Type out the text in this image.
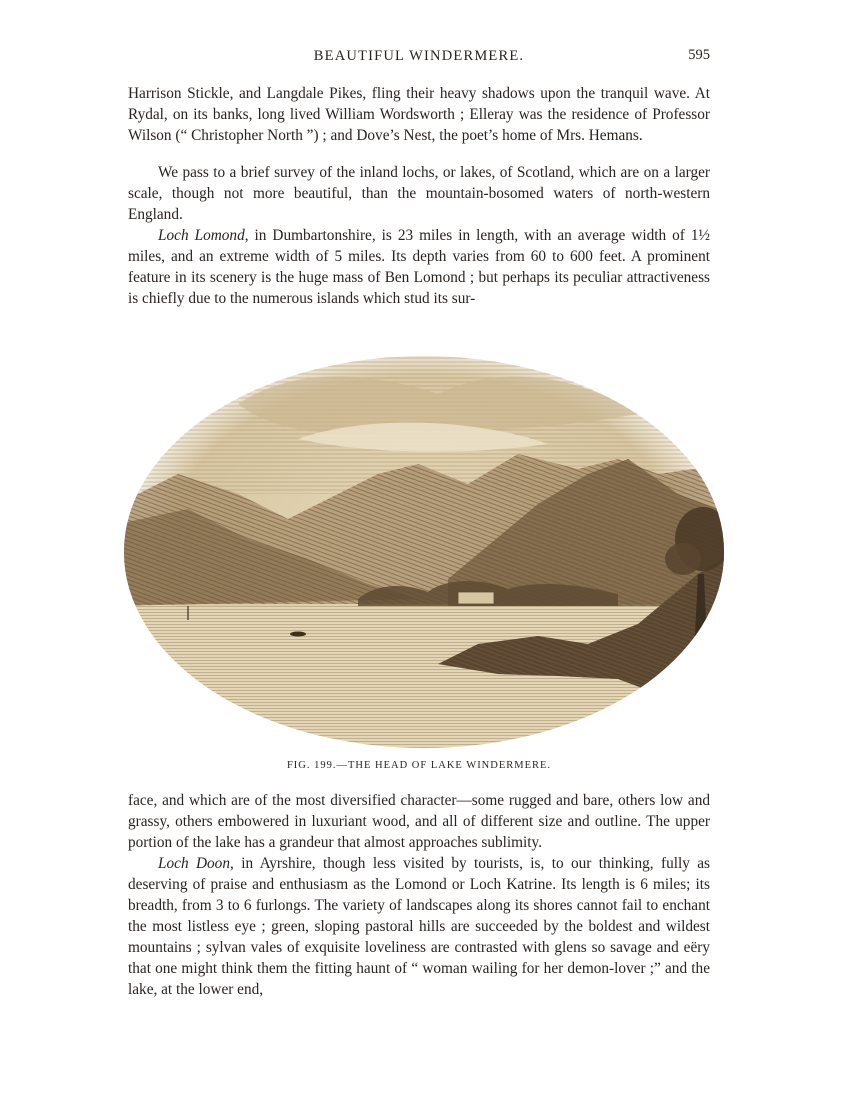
BEAUTIFUL WINDERMERE.	595

Harrison Stickle, and Langdale Pikes, fling their heavy shadows upon the tranquil wave. At Rydal, on its banks, long lived William Wordsworth ; Elleray was the residence of Professor Wilson (“ Christopher North ”) ; and Dove’s Nest, the poet’s home of Mrs. Hemans.

We pass to a brief survey of the inland lochs, or lakes, of Scotland, which are on a larger scale, though not more beautiful, than the mountain-bosomed waters of north-western England.

Loch Lomond, in Dumbartonshire, is 23 miles in length, with an average width of 1½ miles, and an extreme width of 5 miles. Its depth varies from 60 to 600 feet. A prominent feature in its scenery is the huge mass of Ben Lomond ; but perhaps its peculiar attractiveness is chiefly due to the numerous islands which stud its sur-

FIG. 199.—THE HEAD OF LAKE WINDERMERE.

face, and which are of the most diversified character—some rugged and bare, others low and grassy, others embowered in luxuriant wood, and all of different size and outline. The upper portion of the lake has a grandeur that almost approaches sublimity.

Loch Doon, in Ayrshire, though less visited by tourists, is, to our thinking, fully as deserving of praise and enthusiasm as the Lomond or Loch Katrine. Its length is 6 miles; its breadth, from 3 to 6 furlongs. The variety of landscapes along its shores cannot fail to enchant the most listless eye ; green, sloping pastoral hills are succeeded by the boldest and wildest mountains ; sylvan vales of exquisite loveliness are contrasted with glens so savage and eëry that one might think them the fitting haunt of “ woman wailing for her demon-lover ;” and the lake, at the lower end,
